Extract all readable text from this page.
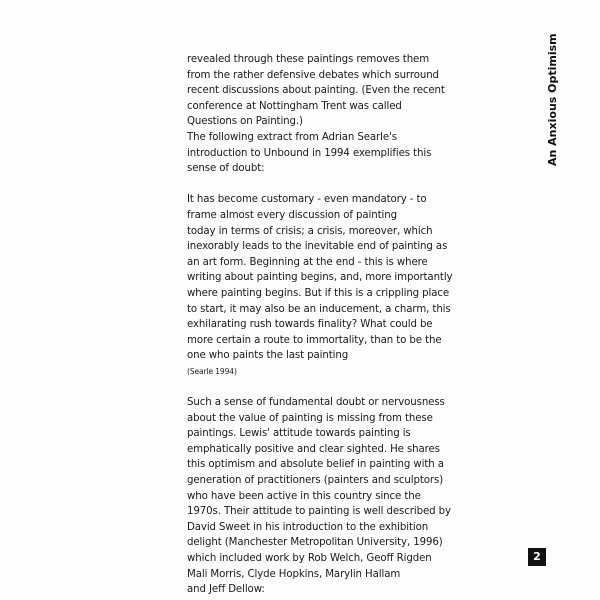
revealed through these paintings removes them
from the rather defensive debates which surround
recent discussions about painting. (Even the recent
conference at Nottingham Trent was called
Questions on Painting.)
The following extract from Adrian Searle's
introduction to Unbound in 1994 exemplifies this
sense of doubt:
It has become customary - even mandatory - to
frame almost every discussion of painting
today in terms of crisis; a crisis, moreover, which
inexorably leads to the inevitable end of painting as
an art form. Beginning at the end - this is where
writing about painting begins, and, more importantly
where painting begins. But if this is a crippling place
to start, it may also be an inducement, a charm, this
exhilarating rush towards finality? What could be
more certain a route to immortality, than to be the
one who paints the last painting
(Searle 1994)
Such a sense of fundamental doubt or nervousness
about the value of painting is missing from these
paintings. Lewis' attitude towards painting is
emphatically positive and clear sighted. He shares
this optimism and absolute belief in painting with a
generation of practitioners (painters and sculptors)
who have been active in this country since the
1970s. Their attitude to painting is well described by
David Sweet in his introduction to the exhibition
delight (Manchester Metropolitan University, 1996)
which included work by Rob Welch, Geoff Rigden
Mali Morris, Clyde Hopkins, Marylin Hallam
and Jeff Dellow:
An Anxious Optimism
2
